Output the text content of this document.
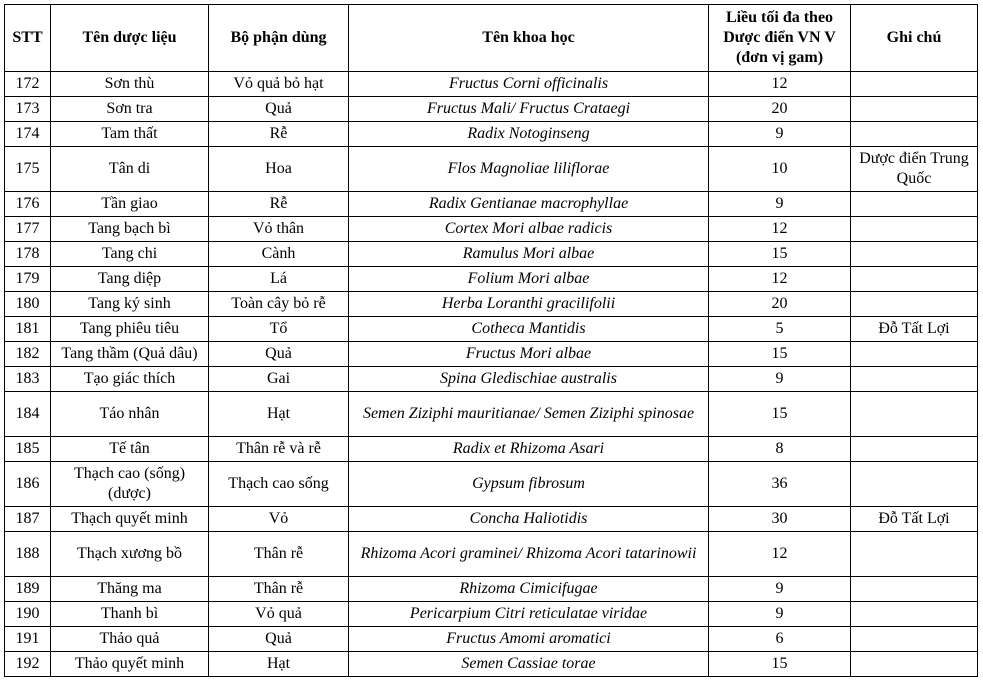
STT	Tên dược liệu	Bộ phận dùng	Tên khoa học	Liều tối đa theo Dược điển VN V (đơn vị gam)	Ghi chú
172	Sơn thù	Vỏ quả bỏ hạt	Fructus Corni officinalis	12	
173	Sơn tra	Quả	Fructus Mali/ Fructus Crataegi	20	
174	Tam thất	Rễ	Radix Notoginseng	9	
175	Tân di	Hoa	Flos Magnoliae liliflorae	10	Dược điển Trung Quốc
176	Tần giao	Rễ	Radix Gentianae macrophyllae	9	
177	Tang bạch bì	Vỏ thân	Cortex Mori albae radicis	12	
178	Tang chi	Cành	Ramulus Mori albae	15	
179	Tang diệp	Lá	Folium Mori albae	12	
180	Tang ký sinh	Toàn cây bỏ rễ	Herba Loranthi gracilifolii	20	
181	Tang phiêu tiêu	Tổ	Cotheca Mantidis	5	Đỗ Tất Lợi
182	Tang thầm (Quả dâu)	Quả	Fructus Mori albae	15	
183	Tạo giác thích	Gai	Spina Gledischiae australis	9	
184	Táo nhân	Hạt	Semen Ziziphi mauritianae/ Semen Ziziphi spinosae	15	
185	Tế tân	Thân rễ và rễ	Radix et Rhizoma Asari	8	
186	Thạch cao (sống) (dược)	Thạch cao sống	Gypsum fibrosum	36	
187	Thạch quyết minh	Vỏ	Concha Haliotidis	30	Đỗ Tất Lợi
188	Thạch xương bồ	Thân rễ	Rhizoma Acori graminei/ Rhizoma Acori tatarinowii	12	
189	Thăng ma	Thân rễ	Rhizoma Cimicifugae	9	
190	Thanh bì	Vỏ quả	Pericarpium Citri reticulatae viridae	9	
191	Thảo quả	Quả	Fructus Amomi aromatici	6	
192	Thảo quyết minh	Hạt	Semen Cassiae torae	15	
